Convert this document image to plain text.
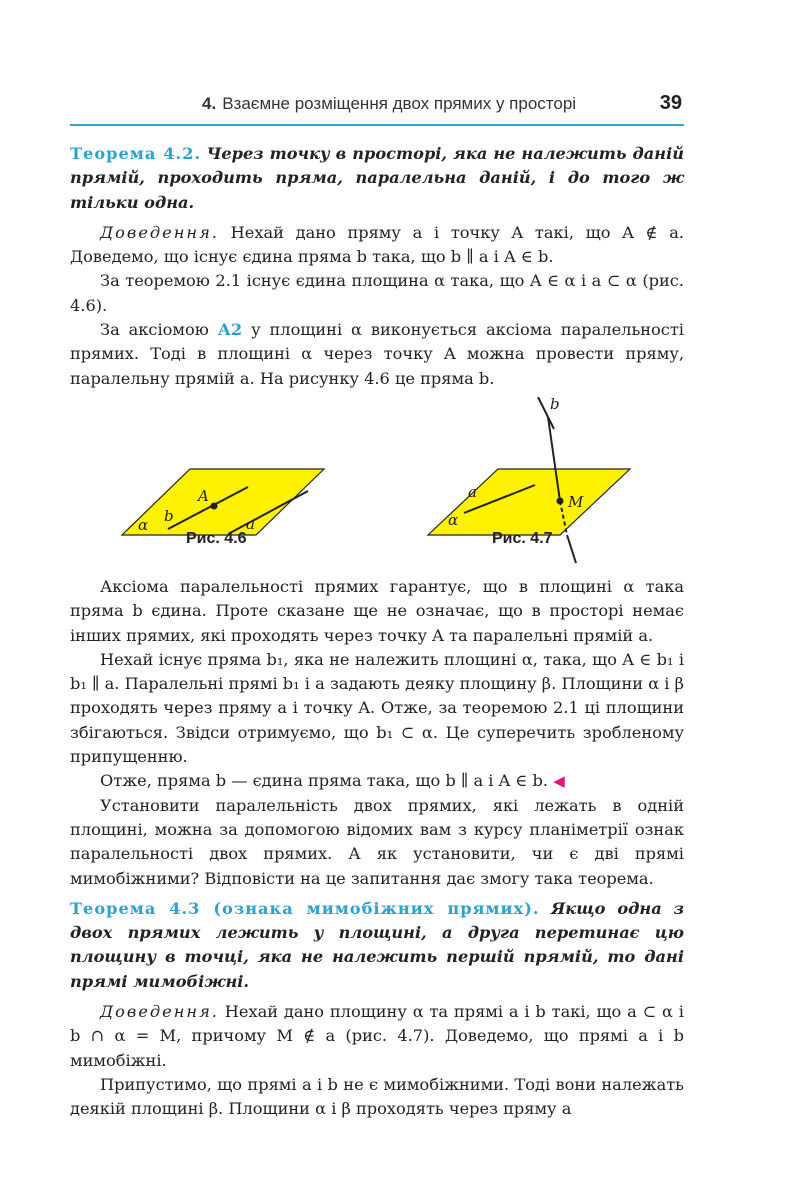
4. Взаємне розміщення двох прямих у просторі	39

Теорема 4.2. Через точку в просторі, яка не належить даній прямій, проходить пряма, паралельна даній, і до того ж тільки одна.

Доведення. Нехай дано пряму a і точку A такі, що A ∉ a. Доведемо, що існує єдина пряма b така, що b ∥ a і A ∈ b.

За теоремою 2.1 існує єдина площина α така, що A ∈ α і a ⊂ α (рис. 4.6).

За аксіомою А2 у площині α виконується аксіома паралельності прямих. Тоді в площині α через точку A можна провести пряму, паралельну прямій a. На рисунку 4.6 це пряма b.

A
b	a
α
b
a
M
α
Рис. 4.6	Рис. 4.7

Аксіома паралельності прямих гарантує, що в площині α така пряма b єдина. Проте сказане ще не означає, що в просторі немає інших прямих, які проходять через точку A та паралельні прямій a.

Нехай існує пряма b₁, яка не належить площині α, така, що A ∈ b₁ і b₁ ∥ a. Паралельні прямі b₁ і a задають деяку площину β. Площини α і β проходять через пряму a і точку A. Отже, за теоремою 2.1 ці площини збігаються. Звідси отримуємо, що b₁ ⊂ α. Це суперечить зробленому припущенню.

Отже, пряма b — єдина пряма така, що b ∥ a і A ∈ b. ◀

Установити паралельність двох прямих, які лежать в одній площині, можна за допомогою відомих вам з курсу планіметрії ознак паралельності двох прямих. А як установити, чи є дві прямі мимобіжними? Відповісти на це запитання дає змогу така теорема.

Теорема 4.3 (ознака мимобіжних прямих). Якщо одна з двох прямих лежить у площині, а друга перетинає цю площину в точці, яка не належить першій прямій, то дані прямі мимобіжні.

Доведення. Нехай дано площину α та прямі a і b такі, що a ⊂ α і b ∩ α = M, причому M ∉ a (рис. 4.7). Доведемо, що прямі a і b мимобіжні.

Припустимо, що прямі a і b не є мимобіжними. Тоді вони належать деякій площині β. Площини α і β проходять через пряму a
